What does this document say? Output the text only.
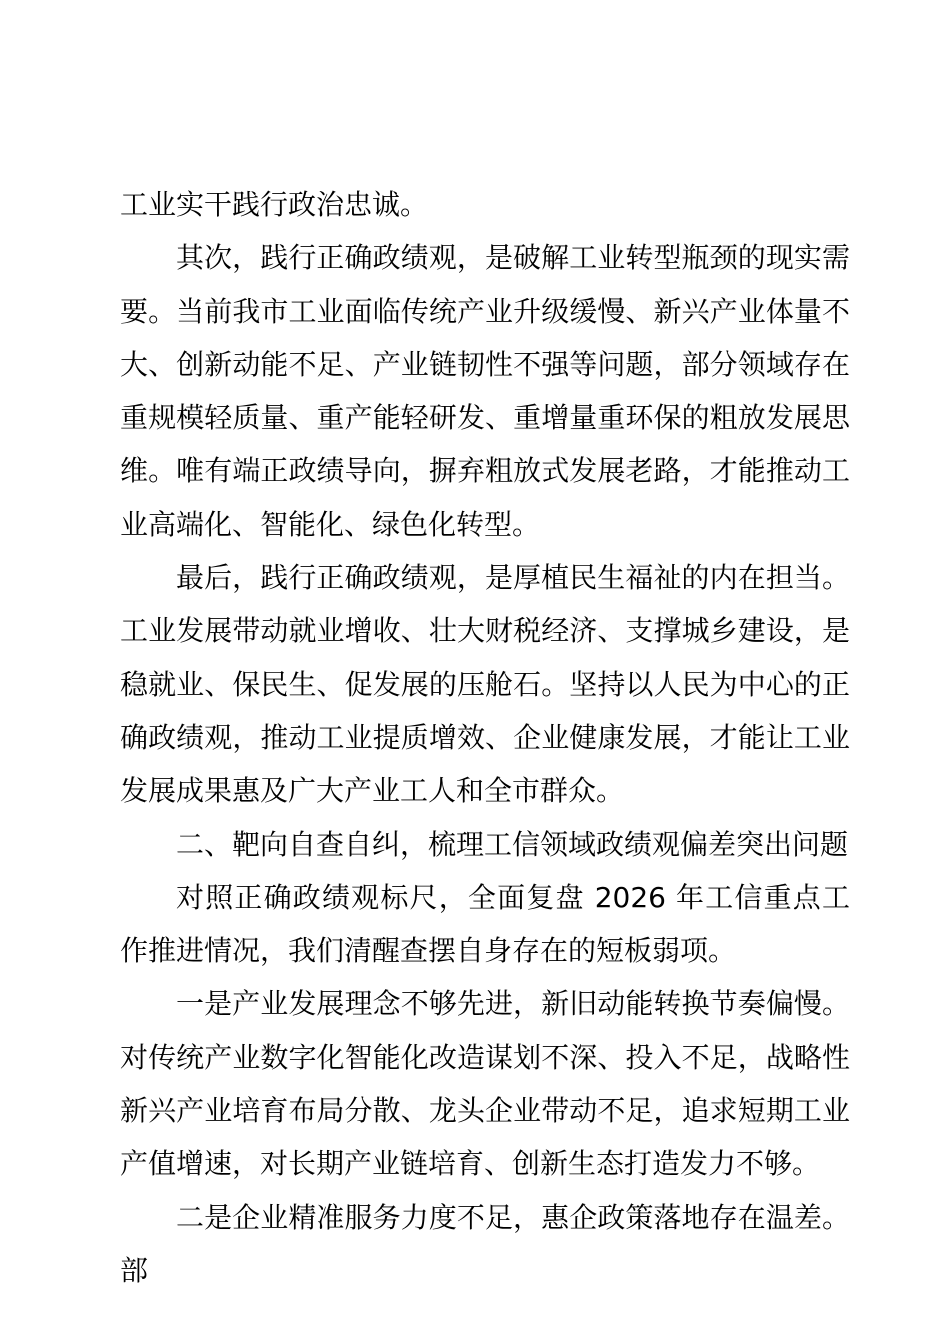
工业实干践行政治忠诚。

其次，践行正确政绩观，是破解工业转型瓶颈的现实需要。当前我市工业面临传统产业升级缓慢、新兴产业体量不大、创新动能不足、产业链韧性不强等问题，部分领域存在重规模轻质量、重产能轻研发、重增量重环保的粗放发展思维。唯有端正政绩导向，摒弃粗放式发展老路，才能推动工业高端化、智能化、绿色化转型。

最后，践行正确政绩观，是厚植民生福祉的内在担当。工业发展带动就业增收、壮大财税经济、支撑城乡建设，是稳就业、保民生、促发展的压舱石。坚持以人民为中心的正确政绩观，推动工业提质增效、企业健康发展，才能让工业发展成果惠及广大产业工人和全市群众。

二、靶向自查自纠，梳理工信领域政绩观偏差突出问题

对照正确政绩观标尺，全面复盘 2026 年工信重点工作推进情况，我们清醒查摆自身存在的短板弱项。

一是产业发展理念不够先进，新旧动能转换节奏偏慢。对传统产业数字化智能化改造谋划不深、投入不足，战略性新兴产业培育布局分散、龙头企业带动不足，追求短期工业产值增速，对长期产业链培育、创新生态打造发力不够。

二是企业精准服务力度不足，惠企政策落地存在温差。部
